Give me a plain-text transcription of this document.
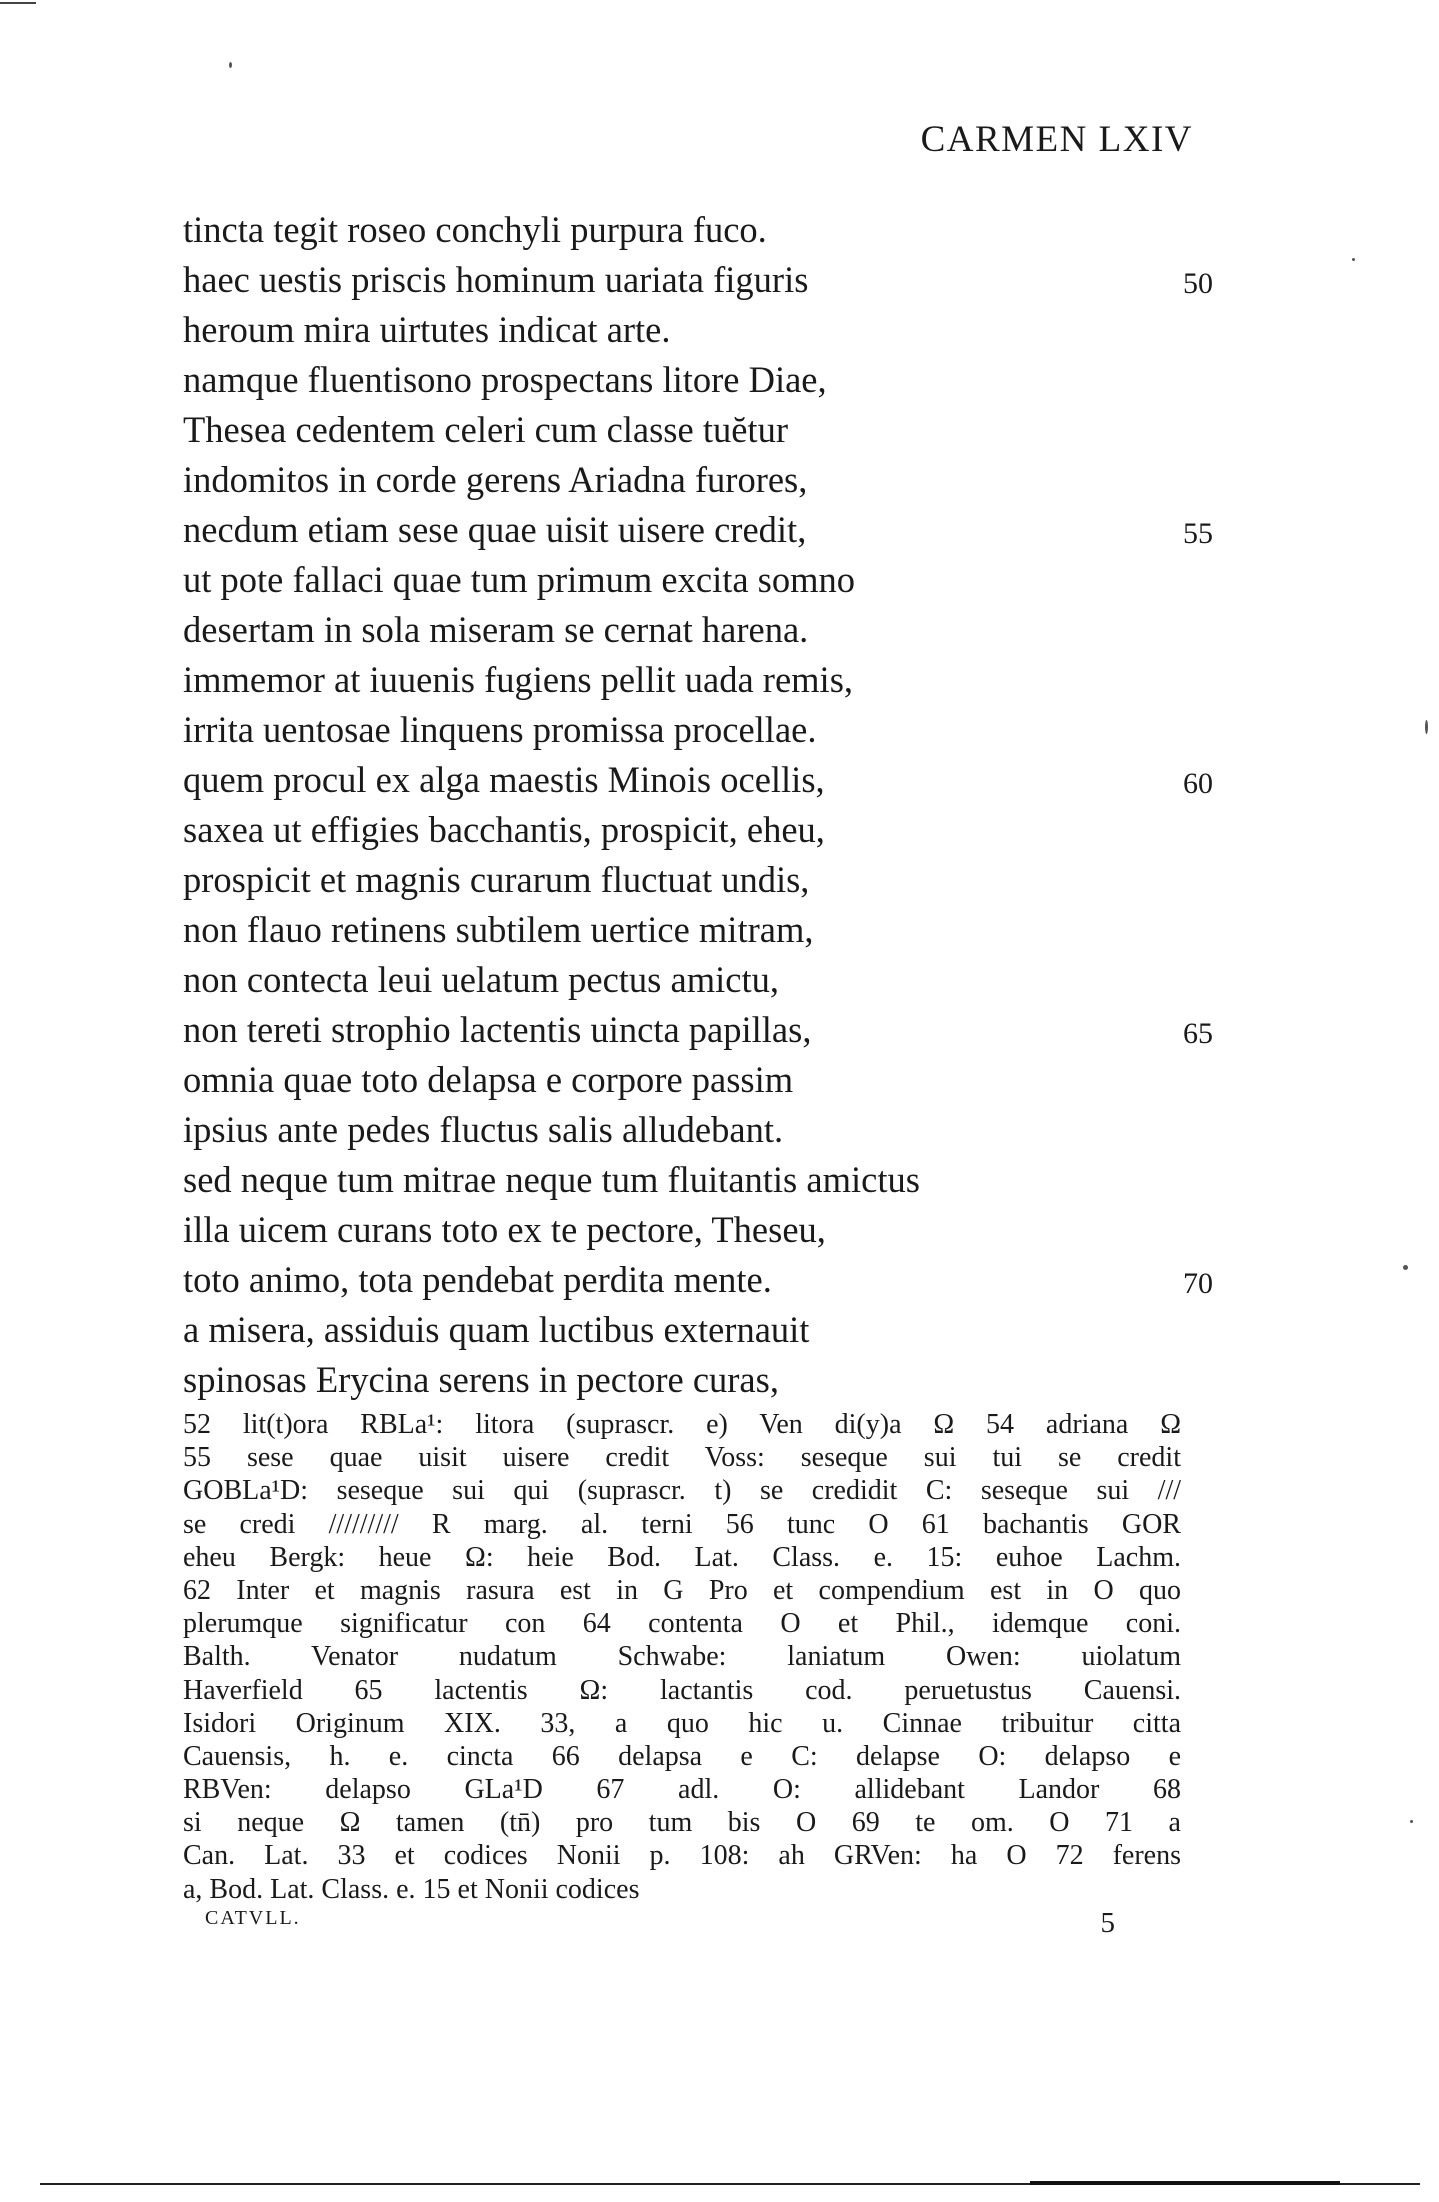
CARMEN LXIV
tincta tegit roseo conchyli purpura fuco.
haec uestis priscis hominum uariata figuris	50
heroum mira uirtutes indicat arte.
namque fluentisono prospectans litore Diae,
Thesea cedentem celeri cum classe tuĕtur
indomitos in corde gerens Ariadna furores,
necdum etiam sese quae uisit uisere credit,	55
ut pote fallaci quae tum primum excita somno
desertam in sola miseram se cernat harena.
immemor at iuuenis fugiens pellit uada remis,
irrita uentosae linquens promissa procellae.
quem procul ex alga maestis Minois ocellis,	60
saxea ut effigies bacchantis, prospicit, eheu,
prospicit et magnis curarum fluctuat undis,
non flauo retinens subtilem uertice mitram,
non contecta leui uelatum pectus amictu,
non tereti strophio lactentis uincta papillas,	65
omnia quae toto delapsa e corpore passim
ipsius ante pedes fluctus salis alludebant.
sed neque tum mitrae neque tum fluitantis amictus
illa uicem curans toto ex te pectore, Theseu,
toto animo, tota pendebat perdita mente.	70
a misera, assiduis quam luctibus externauit
spinosas Erycina serens in pectore curas,
52 lit(t)ora RBLa¹: litora (suprascr. e) Ven di(y)a Ω 54 adriana Ω
55 sese quae uisit uisere credit Voss: seseque sui tui se credit
GOBLa¹D: seseque sui qui (suprascr. t) se credidit C: seseque sui ///
se credi ///////// R marg. al. terni 56 tunc O 61 bachantis GOR
eheu Bergk: heue Ω: heie Bod. Lat. Class. e. 15: euhoe Lachm.
62 Inter et magnis rasura est in G Pro et compendium est in O quo
plerumque significatur con 64 contenta O et Phil., idemque coni.
Balth. Venator nudatum Schwabe: laniatum Owen: uiolatum
Haverfield 65 lactentis Ω: lactantis cod. peruetustus Cauensi.
Isidori Originum XIX. 33, a quo hic u. Cinnae tribuitur citta
Cauensis, h. e. cincta 66 delapsa e C: delapse O: delapso e
RBVen: delapso GLa¹D 67 adl. O: allidebant Landor 68
si neque Ω tamen (tn̄) pro tum bis O 69 te om. O 71 a
Can. Lat. 33 et codices Nonii p. 108: ah GRVen: ha O 72 ferens
a, Bod. Lat. Class. e. 15 et Nonii codices
CATVLL.	5
